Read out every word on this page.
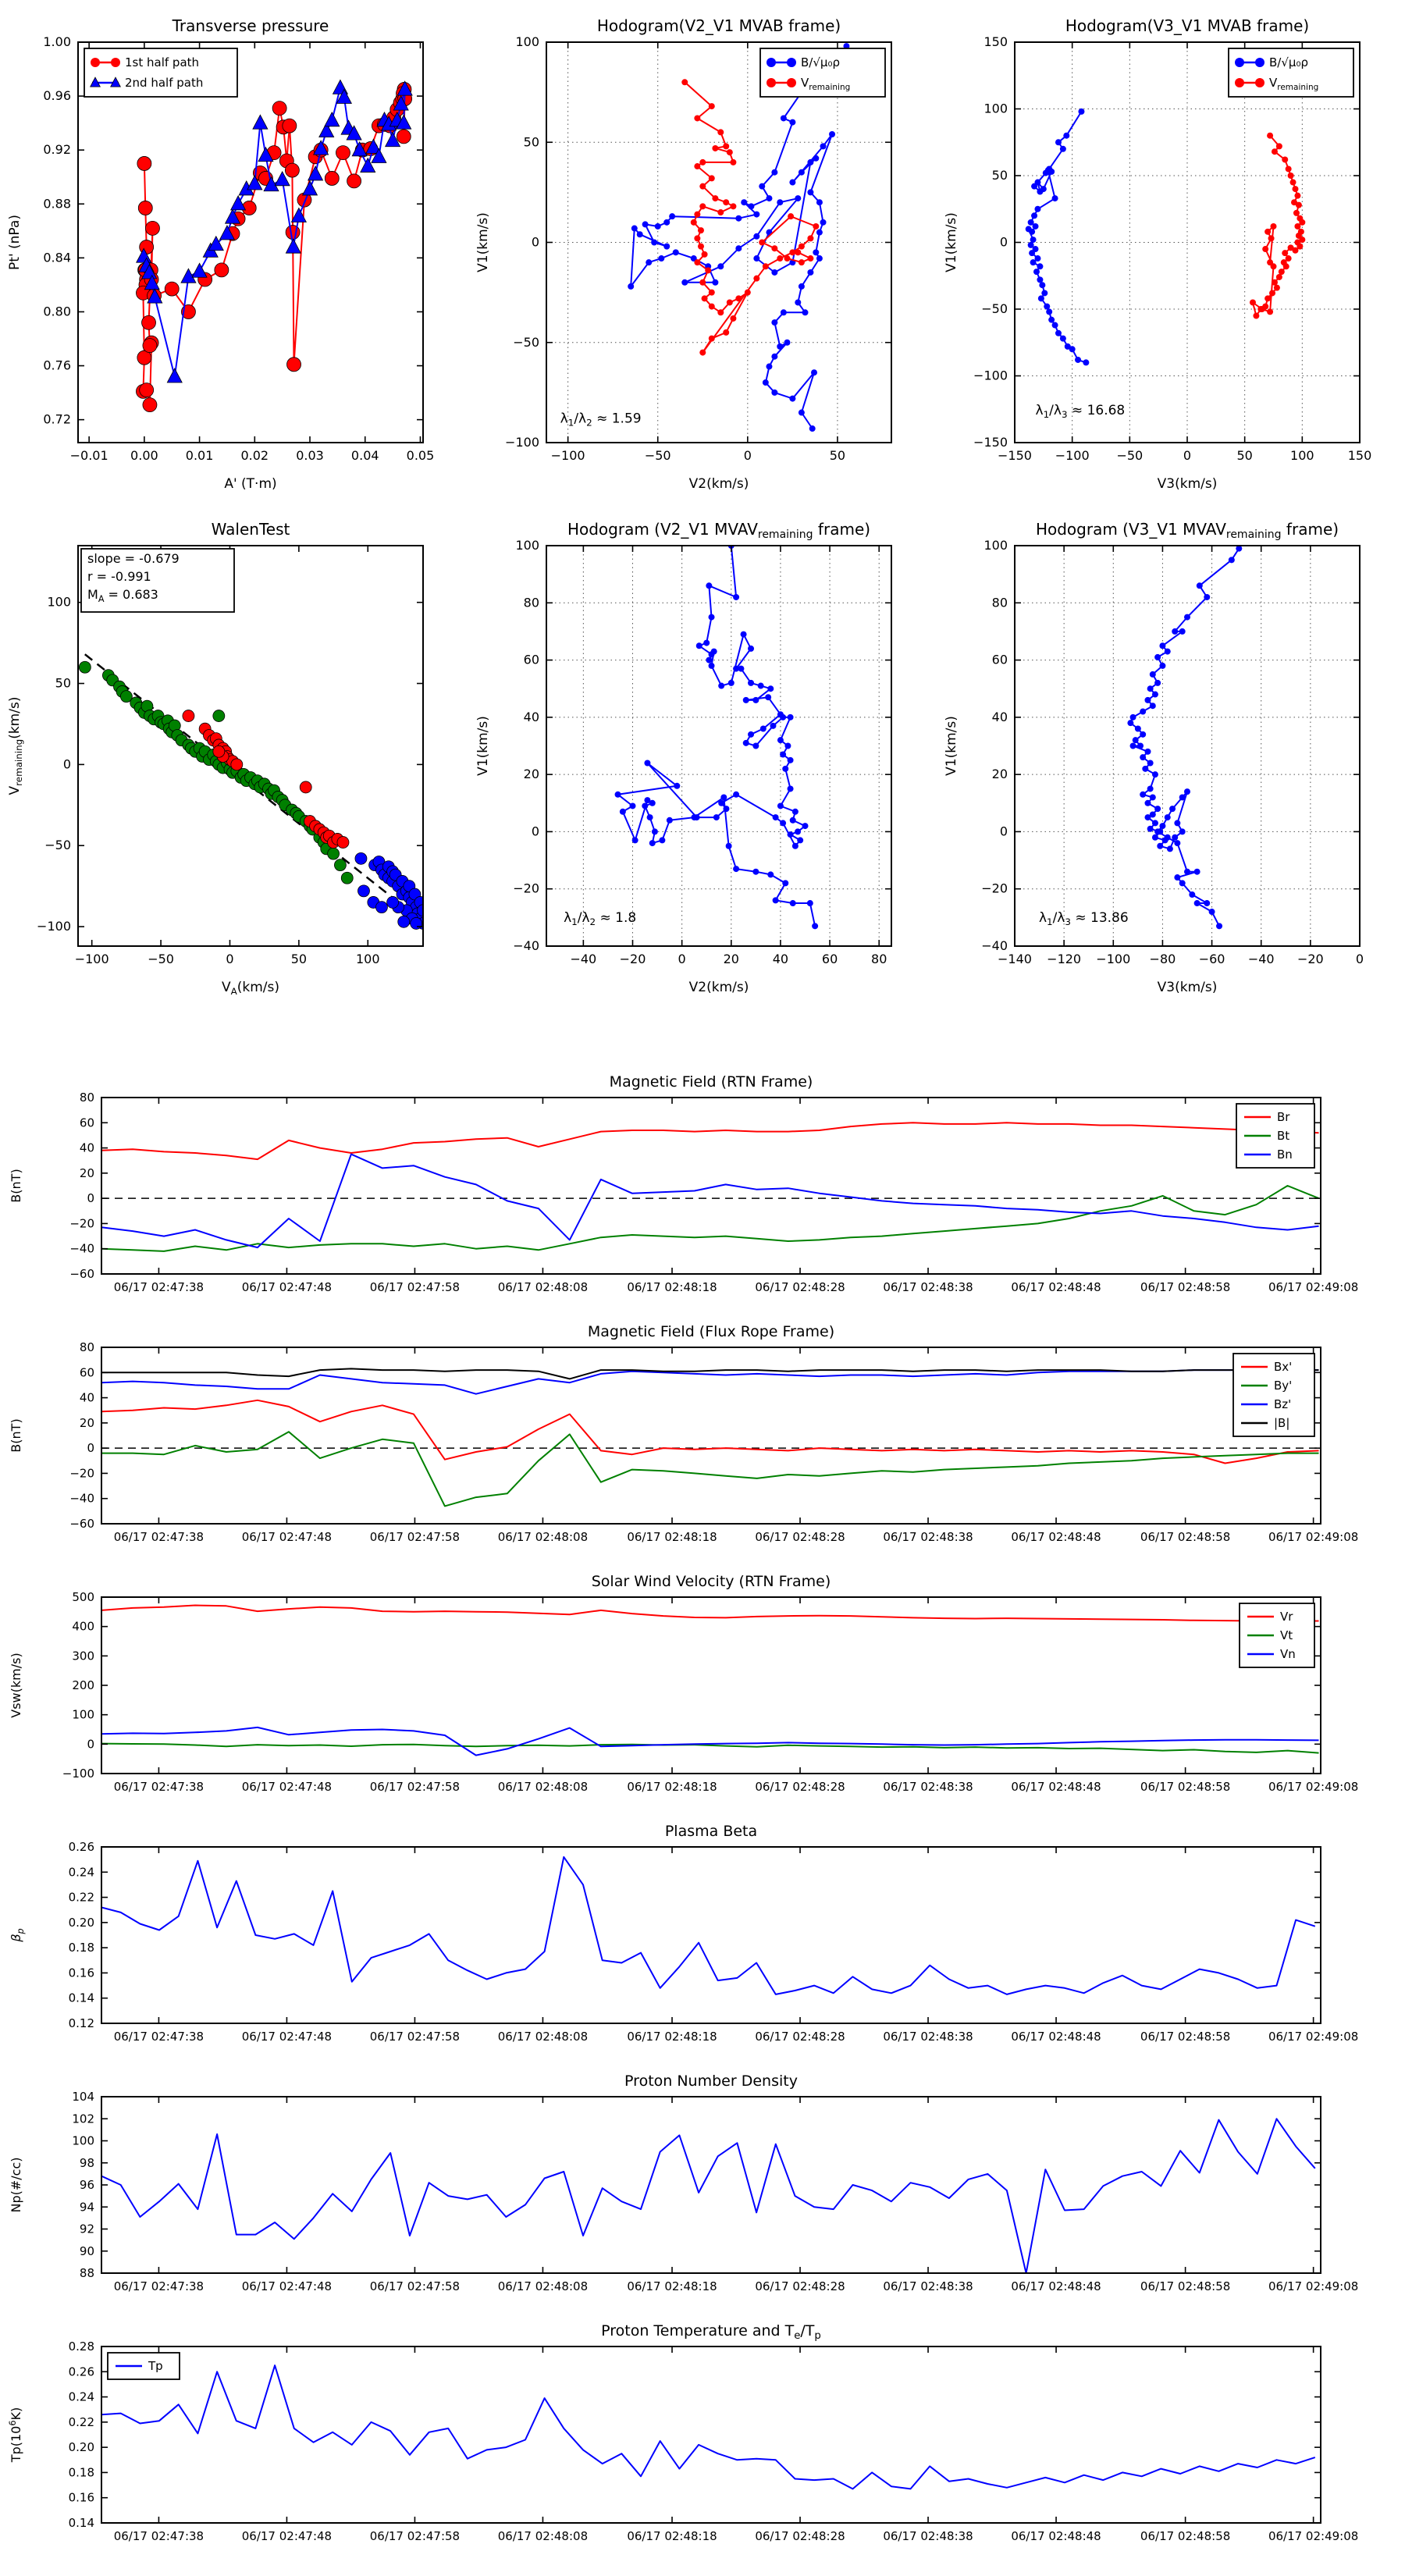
−0.01 0.00 0.01 0.02 0.03 0.04 0.05
0.72
0.76
0.80
0.84
0.88
0.92
0.96
1.00
Transverse pressure
A' (T·m)
Pt' (nPa)
1st half path
2nd half path
−100	−50	0	50
−100
−50
0
50
100
Hodogram(V2_V1 MVAB frame)
V2(km/s)
V1(km/s)
$\lambda_1/\lambda_2 \approx 1.59$
B/√μ₀ρ
$V_{remaining}$
−150 −100 −50	0	50	100	150
−150
−100
−50
0
50
100
150
Hodogram(V3_V1 MVAB frame)
V3(km/s)
V1(km/s)
$\lambda_1/\lambda_3 \approx 16.68$
B/√μ₀ρ
$V_{remaining}$
−100	−50	0	50	100
−100
−50
0
50
100
WalenTest
$V_A(km/s)$
$V_{remaining}(km/s)$
slope = -0.679
r = -0.991
$M_A = 0.683$
−40 −20	0	20	40	60	80
−40
−20
0
20
40
60
80
100
Hodogram (V2_V1 $MVAV_{remaining}$ frame)
V2(km/s)
V1(km/s)
$\lambda_1/\lambda_2 \approx 1.8$
−140 −120 −100 −80 −60 −40 −20	0
−40
−20
0
20
40
60
80
100
Hodogram (V3_V1 $MVAV_{remaining}$ frame)
V3(km/s)
V1(km/s)
$\lambda_1/\lambda_3 \approx 13.86$
06/17 02:47:38	06/17 02:47:48	06/17 02:47:58	06/17 02:48:08	06/17 02:48:18	06/17 02:48:28	06/17 02:48:38	06/17 02:48:48	06/17 02:48:58	06/17 02:49:08
−60
−40
−20
0
20
40
60
80
Magnetic Field (RTN Frame)
B(nT)
Br
Bt
Bn
06/17 02:47:38	06/17 02:47:48	06/17 02:47:58	06/17 02:48:08	06/17 02:48:18	06/17 02:48:28	06/17 02:48:38	06/17 02:48:48	06/17 02:48:58	06/17 02:49:08
−60
−40
−20
0
20
40
60
80
Magnetic Field (Flux Rope Frame)
B(nT)
Bx'
By'
Bz'
|B|
06/17 02:47:38	06/17 02:47:48	06/17 02:47:58	06/17 02:48:08	06/17 02:48:18	06/17 02:48:28	06/17 02:48:38	06/17 02:48:48	06/17 02:48:58	06/17 02:49:08
−100
0
100
200
300
400
500
Solar Wind Velocity (RTN Frame)
Vsw(km/s)
Vr
Vt
Vn
06/17 02:47:38	06/17 02:47:48	06/17 02:47:58	06/17 02:48:08	06/17 02:48:18	06/17 02:48:28	06/17 02:48:38	06/17 02:48:48	06/17 02:48:58	06/17 02:49:08
0.12
0.14
0.16
0.18
0.20
0.22
0.24
0.26
Plasma Beta
$\beta_p$
06/17 02:47:38	06/17 02:47:48	06/17 02:47:58	06/17 02:48:08	06/17 02:48:18	06/17 02:48:28	06/17 02:48:38	06/17 02:48:48	06/17 02:48:58	06/17 02:49:08
88
90
92
94
96
98
100
102
104
Proton Number Density
Np(#/cc)
06/17 02:47:38	06/17 02:47:48	06/17 02:47:58	06/17 02:48:08	06/17 02:48:18	06/17 02:48:28	06/17 02:48:38	06/17 02:48:48	06/17 02:48:58	06/17 02:49:08
0.14
0.16
0.18
0.20
0.22
0.24
0.26
0.28
Proton Temperature and $T_e/T_p$
$Tp(10^6K)$
Tp
